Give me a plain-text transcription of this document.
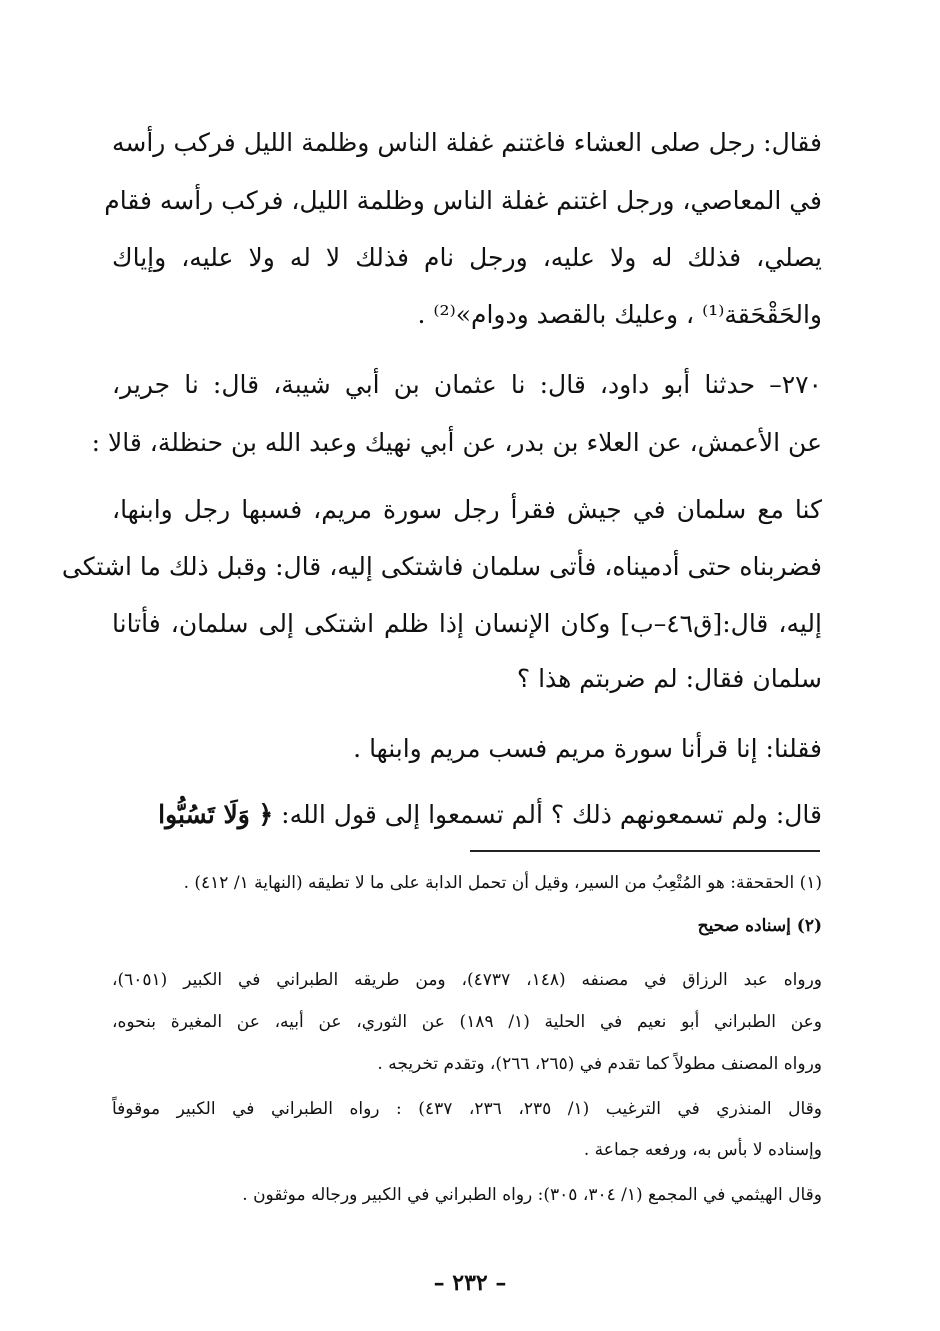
فقال: رجل صلى العشاء فاغتنم غفلة الناس وظلمة الليل فركب رأسه
في المعاصي، ورجل اغتنم غفلة الناس وظلمة الليل، فركب رأسه فقام
يصلي، فذلك له ولا عليه، ورجل نام فذلك لا له ولا عليه، وإياك
والحَقْحَقة⁽¹⁾ ، وعليك بالقصد ودوام»⁽²⁾ .
٢٧٠– حدثنا أبو داود، قال: نا عثمان بن أبي شيبة، قال: نا جرير،
عن الأعمش، عن العلاء بن بدر، عن أبي نهيك وعبد الله بن حنظلة، قالا :
كنا مع سلمان في جيش فقرأ رجل سورة مريم، فسبها رجل وابنها،
فضربناه حتى أدميناه، فأتى سلمان فاشتكى إليه، قال: وقبل ذلك ما اشتكى
إليه، قال:[ق٤٦–ب] وكان الإنسان إذا ظلم اشتكى إلى سلمان، فأتانا
سلمان فقال: لم ضربتم هذا ؟
فقلنا: إنا قرأنا سورة مريم فسب مريم وابنها .
قال: ولم تسمعونهم ذلك ؟ ألم تسمعوا إلى قول الله: ﴿ وَلَا تَسُبُّوا
(١) الحقحقة: هو المُتْعِبُ من السير، وقيل أن تحمل الدابة على ما لا تطيقه (النهاية ١/ ٤١٢) .
(٢) إسناده صحيح
ورواه عبد الرزاق في مصنفه (١٤٨، ٤٧٣٧)، ومن طريقه الطبراني في الكبير (٦٠٥١)،
وعن الطبراني أبو نعيم في الحلية (١/ ١٨٩) عن الثوري، عن أبيه، عن المغيرة بنحوه،
ورواه المصنف مطولاً كما تقدم في (٢٦٥، ٢٦٦)، وتقدم تخريجه .
وقال المنذري في الترغيب (١/ ٢٣٥، ٢٣٦، ٤٣٧) : رواه الطبراني في الكبير موقوفاً
وإسناده لا بأس به، ورفعه جماعة .
وقال الهيثمي في المجمع (١/ ٣٠٤، ٣٠٥): رواه الطبراني في الكبير ورجاله موثقون .
– ٢٣٢ –
